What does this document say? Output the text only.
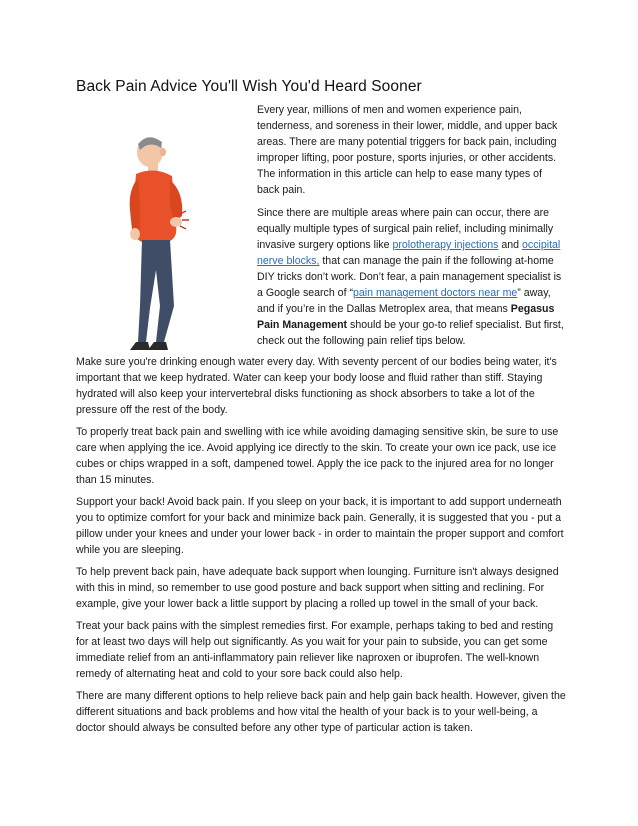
Back Pain Advice You'll Wish You'd Heard Sooner

Every year, millions of men and women experience pain, tenderness, and soreness in their lower, middle, and upper back areas. There are many potential triggers for back pain, including improper lifting, poor posture, sports injuries, or other accidents. The information in this article can help to ease many types of back pain.

Since there are multiple areas where pain can occur, there are equally multiple types of surgical pain relief, including minimally invasive surgery options like prolotherapy injections and occipital nerve blocks, that can manage the pain if the following at-home DIY tricks don’t work. Don’t fear, a pain management specialist is a Google search of “pain management doctors near me” away, and if you’re in the Dallas Metroplex area, that means Pegasus Pain Management should be your go-to relief specialist. But first, check out the following pain relief tips below.

Make sure you're drinking enough water every day. With seventy percent of our bodies being water, it's important that we keep hydrated. Water can keep your body loose and fluid rather than stiff. Staying hydrated will also keep your intervertebral disks functioning as shock absorbers to take a lot of the pressure off the rest of the body.

To properly treat back pain and swelling with ice while avoiding damaging sensitive skin, be sure to use care when applying the ice. Avoid applying ice directly to the skin. To create your own ice pack, use ice cubes or chips wrapped in a soft, dampened towel. Apply the ice pack to the injured area for no longer than 15 minutes.

Support your back! Avoid back pain. If you sleep on your back, it is important to add support underneath you to optimize comfort for your back and minimize back pain. Generally, it is suggested that you - put a pillow under your knees and under your lower back - in order to maintain the proper support and comfort while you are sleeping.

To help prevent back pain, have adequate back support when lounging. Furniture isn't always designed with this in mind, so remember to use good posture and back support when sitting and reclining. For example, give your lower back a little support by placing a rolled up towel in the small of your back.

Treat your back pains with the simplest remedies first. For example, perhaps taking to bed and resting for at least two days will help out significantly. As you wait for your pain to subside, you can get some immediate relief from an anti-inflammatory pain reliever like naproxen or ibuprofen. The well-known remedy of alternating heat and cold to your sore back could also help.

There are many different options to help relieve back pain and help gain back health. However, given the different situations and back problems and how vital the health of your back is to your well-being, a doctor should always be consulted before any other type of particular action is taken.
